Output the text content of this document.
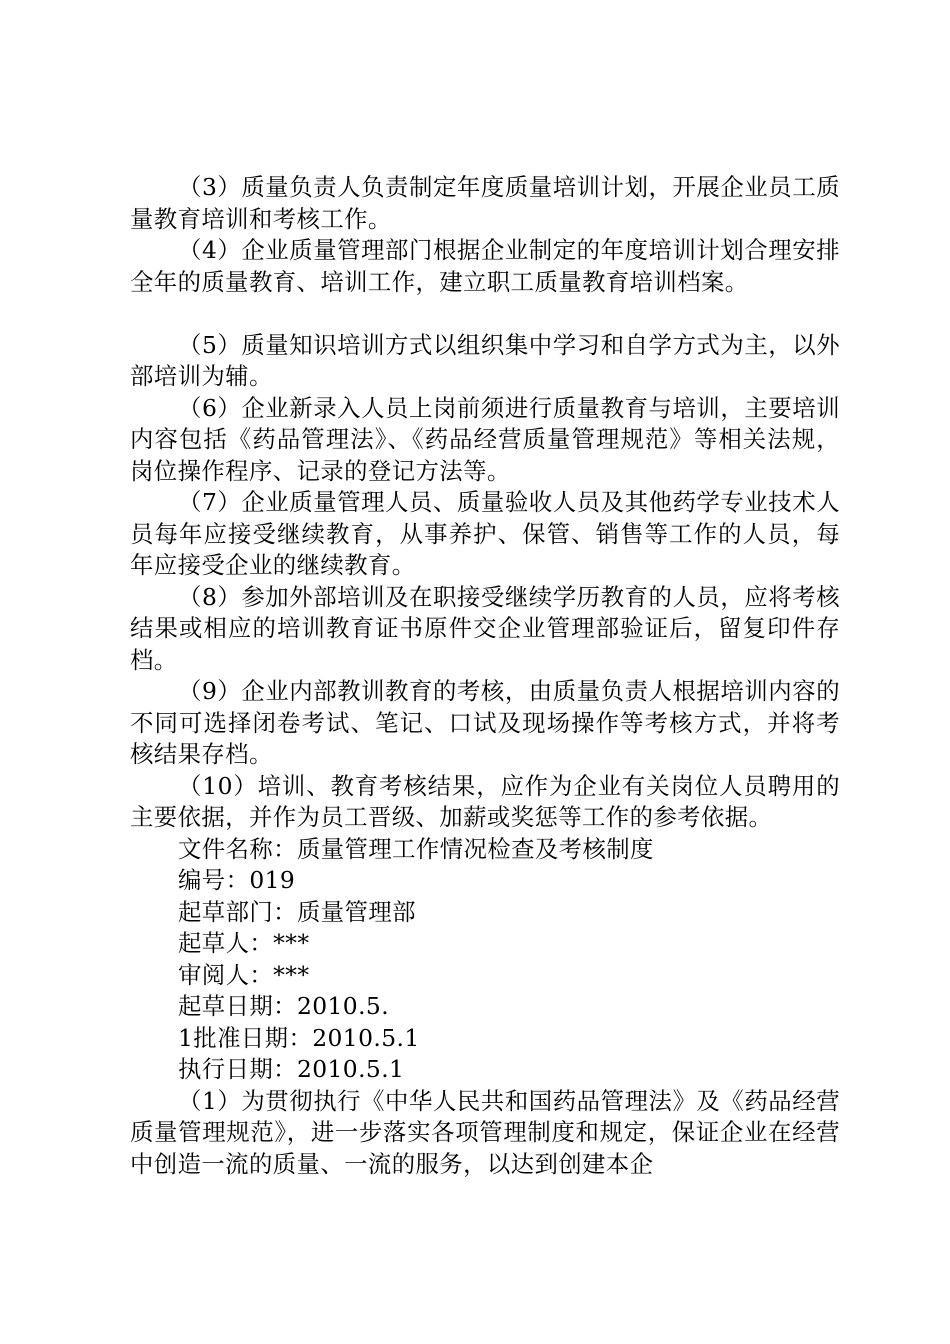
（3）质量负责人负责制定年度质量培训计划，开展企业员工质量教育培训和考核工作。

（4）企业质量管理部门根据企业制定的年度培训计划合理安排全年的质量教育、培训工作，建立职工质量教育培训档案。

（5）质量知识培训方式以组织集中学习和自学方式为主，以外部培训为辅。

（6）企业新录入人员上岗前须进行质量教育与培训，主要培训内容包括《药品管理法》、《药品经营质量管理规范》等相关法规，岗位操作程序、记录的登记方法等。

（7）企业质量管理人员、质量验收人员及其他药学专业技术人员每年应接受继续教育，从事养护、保管、销售等工作的人员，每年应接受企业的继续教育。

（8）参加外部培训及在职接受继续学历教育的人员，应将考核结果或相应的培训教育证书原件交企业管理部验证后，留复印件存档。

（9）企业内部教训教育的考核，由质量负责人根据培训内容的不同可选择闭卷考试、笔记、口试及现场操作等考核方式，并将考核结果存档。

（10）培训、教育考核结果，应作为企业有关岗位人员聘用的主要依据，并作为员工晋级、加薪或奖惩等工作的参考依据。

文件名称：质量管理工作情况检查及考核制度

编号：019

起草部门：质量管理部

起草人：***

审阅人：***

起草日期：2010.5.

1批准日期：2010.5.1

执行日期：2010.5.1

（1）为贯彻执行《中华人民共和国药品管理法》及《药品经营质量管理规范》，进一步落实各项管理制度和规定，保证企业在经营中创造一流的质量、一流的服务，以达到创建本企
